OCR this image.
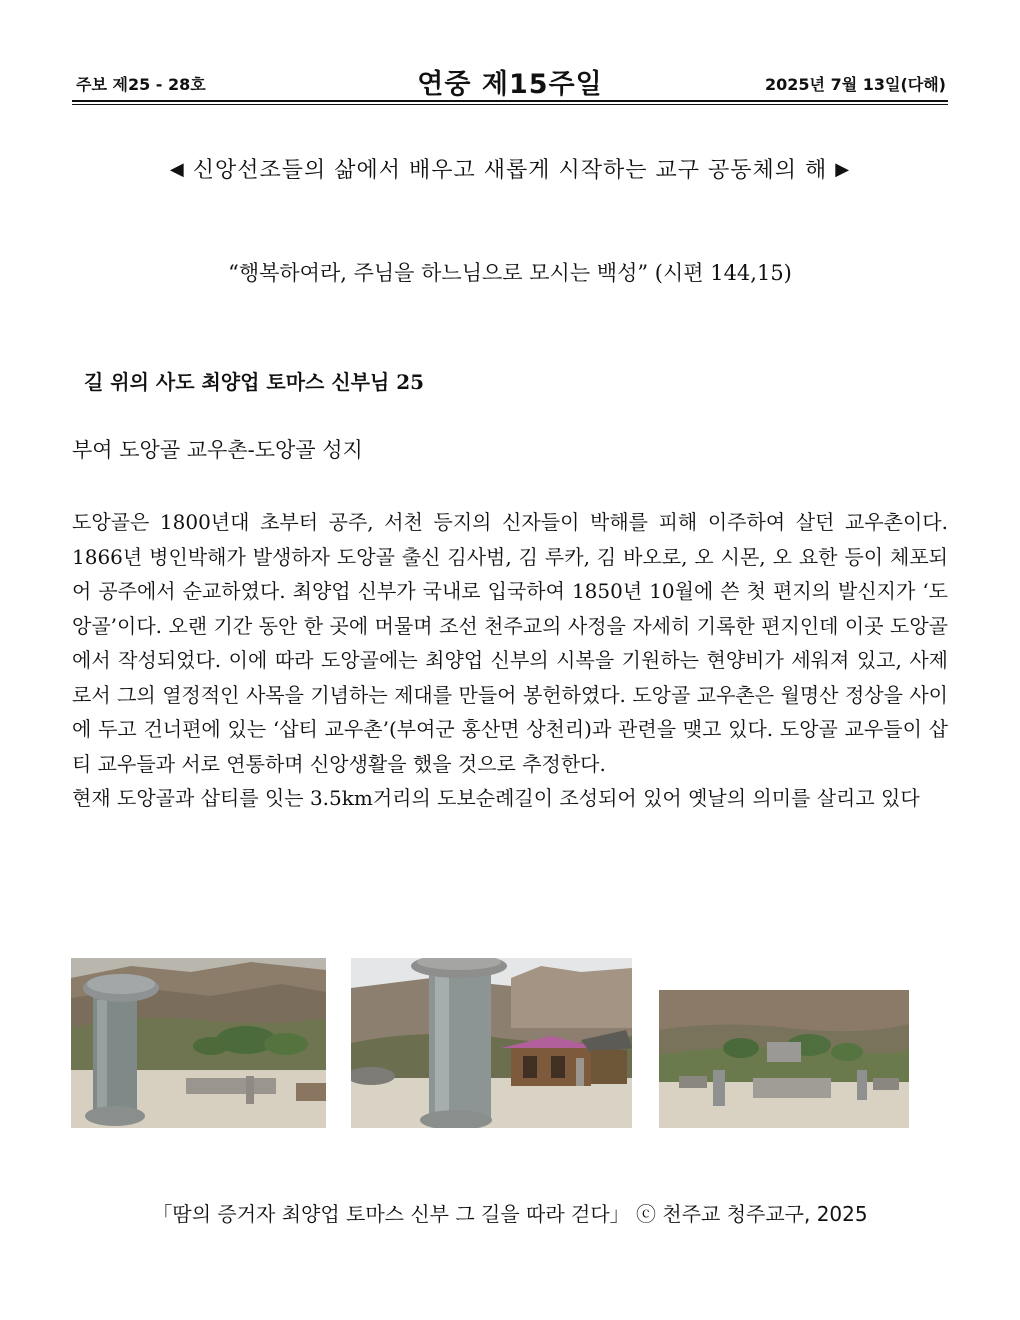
주보 제25 - 28호	연중 제15주일	2025년 7월 13일(다해)
◀ 신앙선조들의 삶에서 배우고 새롭게 시작하는 교구 공동체의 해 ▶
“행복하여라, 주님을 하느님으로 모시는 백성” (시편 144,15)
길 위의 사도 최양업 토마스 신부님 25
부여 도앙골 교우촌-도앙골 성지

도앙골은 1800년대 초부터 공주, 서천 등지의 신자들이 박해를 피해 이주하여 살던 교우촌이다. 1866년 병인박해가 발생하자 도앙골 출신 김사범, 김 루카, 김 바오로, 오 시몬, 오 요한 등이 체포되어 공주에서 순교하였다. 최양업 신부가 국내로 입국하여 1850년 10월에 쓴 첫 편지의 발신지가 ‘도앙골’이다. 오랜 기간 동안 한 곳에 머물며 조선 천주교의 사정을 자세히 기록한 편지인데 이곳 도앙골에서 작성되었다. 이에 따라 도앙골에는 최양업 신부의 시복을 기원하는 현양비가 세워져 있고, 사제로서 그의 열정적인 사목을 기념하는 제대를 만들어 봉헌하였다. 도앙골 교우촌은 월명산 정상을 사이에 두고 건너편에 있는 ‘삽티 교우촌’(부여군 홍산면 상천리)과 관련을 맺고 있다. 도앙골 교우들이 삽티 교우들과 서로 연통하며 신앙생활을 했을 것으로 추정한다.

현재 도앙골과 삽티를 잇는 3.5km거리의 도보순례길이 조성되어 있어 옛날의 의미를 살리고 있다

「땀의 증거자 최양업 토마스 신부 그 길을 따라 걷다」 ⓒ 천주교 청주교구, 2025
